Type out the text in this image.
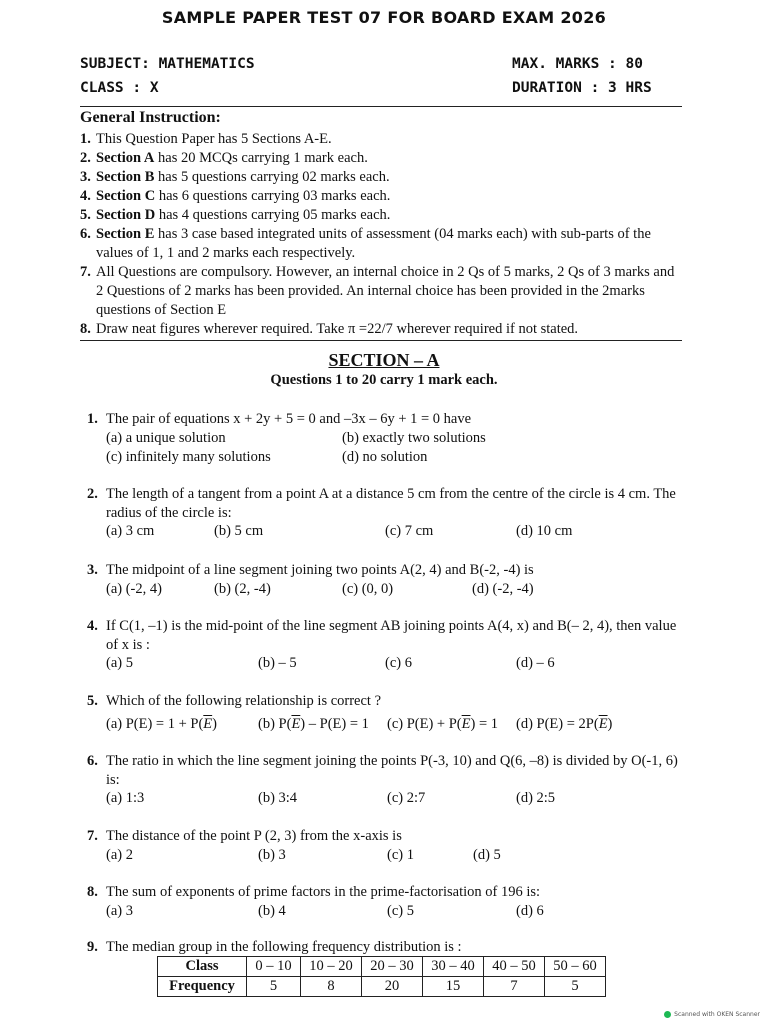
SAMPLE PAPER TEST 07 FOR BOARD EXAM 2026
SUBJECT: MATHEMATICS	MAX. MARKS : 80
CLASS : X	DURATION : 3 HRS
General Instruction:
1. This Question Paper has 5 Sections A-E.
2. Section A has 20 MCQs carrying 1 mark each.
3. Section B has 5 questions carrying 02 marks each.
4. Section C has 6 questions carrying 03 marks each.
5. Section D has 4 questions carrying 05 marks each.
6. Section E has 3 case based integrated units of assessment (04 marks each) with sub-parts of the
values of 1, 1 and 2 marks each respectively.
7. All Questions are compulsory. However, an internal choice in 2 Qs of 5 marks, 2 Qs of 3 marks and
2 Questions of 2 marks has been provided. An internal choice has been provided in the 2marks
questions of Section E
8. Draw neat figures wherever required. Take π =22/7 wherever required if not stated.
SECTION – A
Questions 1 to 20 carry 1 mark each.
1. The pair of equations x + 2y + 5 = 0 and –3x – 6y + 1 = 0 have
(a) a unique solution	(b) exactly two solutions
(c) infinitely many solutions	(d) no solution
2. The length of a tangent from a point A at a distance 5 cm from the centre of the circle is 4 cm. The
radius of the circle is:
(a) 3 cm	(b) 5 cm	(c) 7 cm	(d) 10 cm
3. The midpoint of a line segment joining two points A(2, 4) and B(-2, -4) is
(a) (-2, 4)	(b) (2, -4)	(c) (0, 0)	(d) (-2, -4)
4. If C(1, –1) is the mid-point of the line segment AB joining points A(4, x) and B(– 2, 4), then value
of x is :
(a) 5	(b) – 5	(c) 6	(d) – 6
5. Which of the following relationship is correct ?
(a) $P(E) = 1 + P(\overline{E})$	(b) $P(\overline{E}) - P(E) = 1$ (c) $P(E) + P(\overline{E}) = 1$ (d) $P(E) = 2P(\overline{E})$
6. The ratio in which the line segment joining the points P(-3, 10) and Q(6, –8) is divided by O(-1, 6)
is:
(a) 1:3	(b) 3:4	(c) 2:7	(d) 2:5
7. The distance of the point P (2, 3) from the x-axis is
(a) 2	(b) 3	(c) 1	(d) 5
8. The sum of exponents of prime factors in the prime-factorisation of 196 is:
(a) 3	(b) 4	(c) 5	(d) 6
9. The median group in the following frequency distribution is :
Class	0 – 10	10 – 20	20 – 30	30 – 40	40 – 50	50 – 60
Frequency	5	8	20	15	7	5
Scanned with OKEN Scanner
